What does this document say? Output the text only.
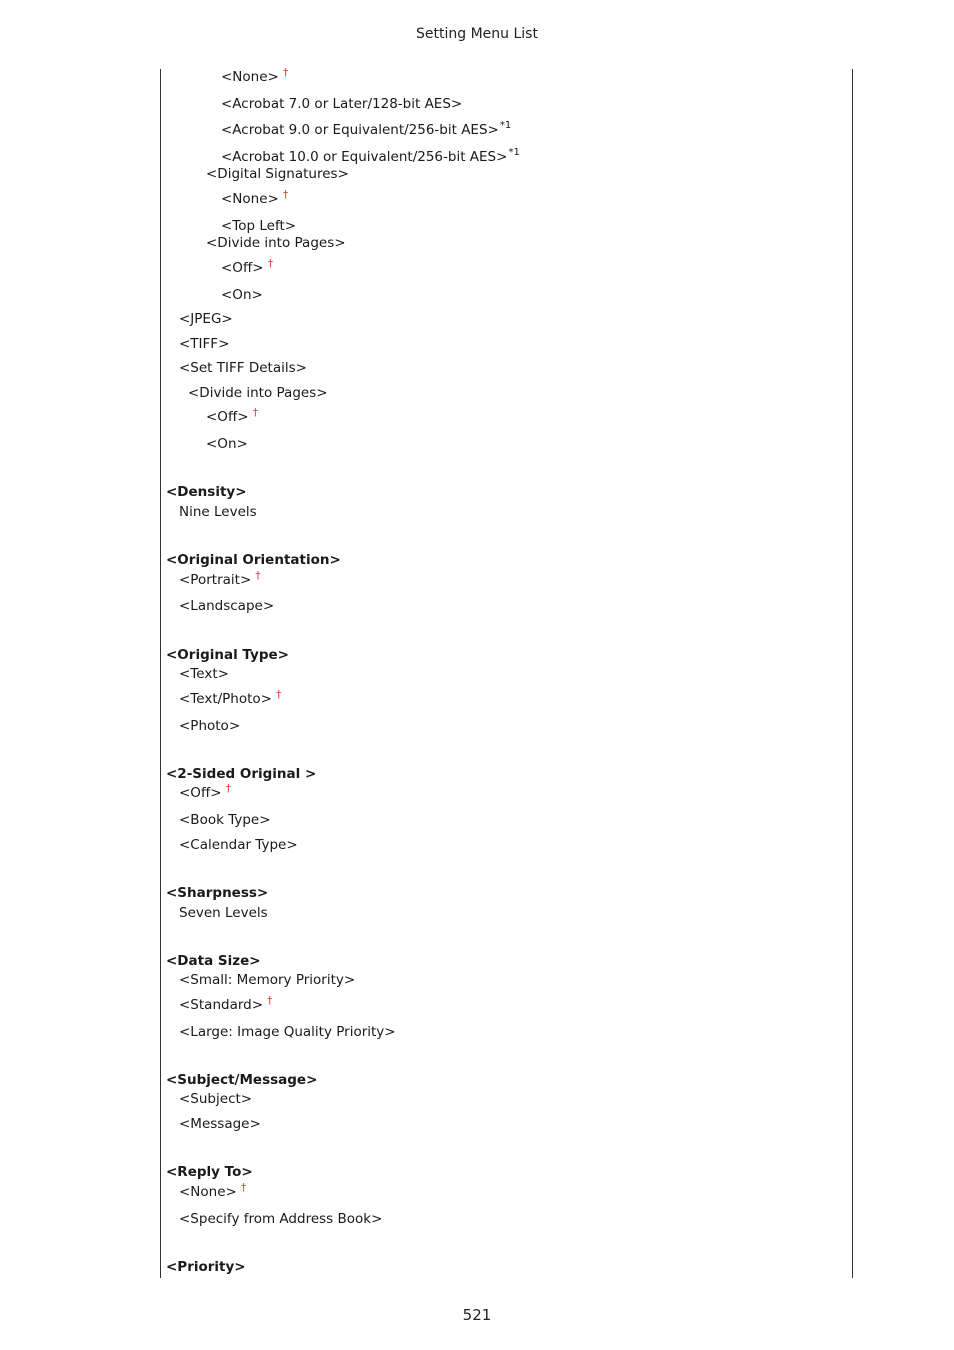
Setting Menu List
<None> †
<Acrobat 7.0 or Later/128-bit AES>
<Acrobat 9.0 or Equivalent/256-bit AES>$^{*1}$
<Acrobat 10.0 or Equivalent/256-bit AES>$^{*1}$
<Digital Signatures>
<None> †
<Top Left>
<Divide into Pages>
<Off> †
<On>
<JPEG>
<TIFF>
<Set TIFF Details>
<Divide into Pages>
<Off> †
<On>
<Density>
Nine Levels
<Original Orientation>
<Portrait> †
<Landscape>
<Original Type>
<Text>
<Text/Photo> †
<Photo>
<2-Sided Original >
<Off> †
<Book Type>
<Calendar Type>
<Sharpness>
Seven Levels
<Data Size>
<Small: Memory Priority>
<Standard> †
<Large: Image Quality Priority>
<Subject/Message>
<Subject>
<Message>
<Reply To>
<None> †
<Specify from Address Book>
<Priority>
521
